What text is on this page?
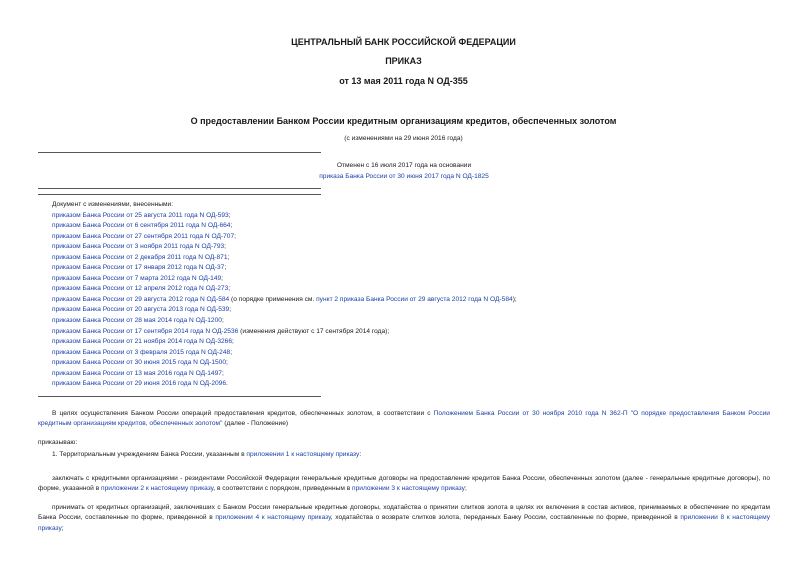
ЦЕНТРАЛЬНЫЙ БАНК РОССИЙСКОЙ ФЕДЕРАЦИИ
ПРИКАЗ
от 13 мая 2011 года N ОД-355
О предоставлении Банком России кредитным организациям кредитов, обеспеченных золотом
(с изменениями на 29 июня 2016 года)
Отменен с 16 июля 2017 года на основании
приказа Банка России от 30 июня 2017 года N ОД-1825
Документ с изменениями, внесенными:
приказом Банка России от 25 августа 2011 года N ОД-593;
приказом Банка России от 6 сентября 2011 года N ОД-664;
приказом Банка России от 27 сентября 2011 года N ОД-707;
приказом Банка России от 3 ноября 2011 года N ОД-793;
приказом Банка России от 2 декабря 2011 года N ОД-871;
приказом Банка России от 17 января 2012 года N ОД-37;
приказом Банка России от 7 марта 2012 года N ОД-149;
приказом Банка России от 12 апреля 2012 года N ОД-273;
приказом Банка России от 29 августа 2012 года N ОД-584 (о порядке применения см. пункт 2 приказа Банка России от 29 августа 2012 года N ОД-584);
приказом Банка России от 20 августа 2013 года N ОД-539;
приказом Банка России от 28 мая 2014 года N ОД-1200;
приказом Банка России от 17 сентября 2014 года N ОД-2536 (изменения действуют с 17 сентября 2014 года);
приказом Банка России от 21 ноября 2014 года N ОД-3266;
приказом Банка России от 3 февраля 2015 года N ОД-248;
приказом Банка России от 30 июня 2015 года N ОД-1500;
приказом Банка России от 13 мая 2016 года N ОД-1497;
приказом Банка России от 29 июня 2016 года N ОД-2096.
В целях осуществления Банком России операций предоставления кредитов, обеспеченных золотом, в соответствии с Положением Банка России от 30 ноября 2010 года N 362-П "О порядке предоставления Банком России кредитным организациям кредитов, обеспеченных золотом" (далее - Положение)
приказываю:
1. Территориальным учреждениям Банка России, указанным в приложении 1 к настоящему приказу:
заключать с кредитными организациями - резидентами Российской Федерации генеральные кредитные договоры на предоставление кредитов Банка России, обеспеченных золотом (далее - генеральные кредитные договоры), по форме, указанной в приложении 2 к настоящему приказу, в соответствии с порядком, приведенным в приложении 3 к настоящему приказу;
принимать от кредитных организаций, заключивших с Банком России генеральные кредитные договоры, ходатайства о принятии слитков золота в целях их включения в состав активов, принимаемых в обеспечение по кредитам Банка России, составленные по форме, приведенной в приложении 4 к настоящему приказу, ходатайства о возврате слитков золота, переданных Банку России, составленные по форме, приведенной в приложении 8 к настоящему приказу;
